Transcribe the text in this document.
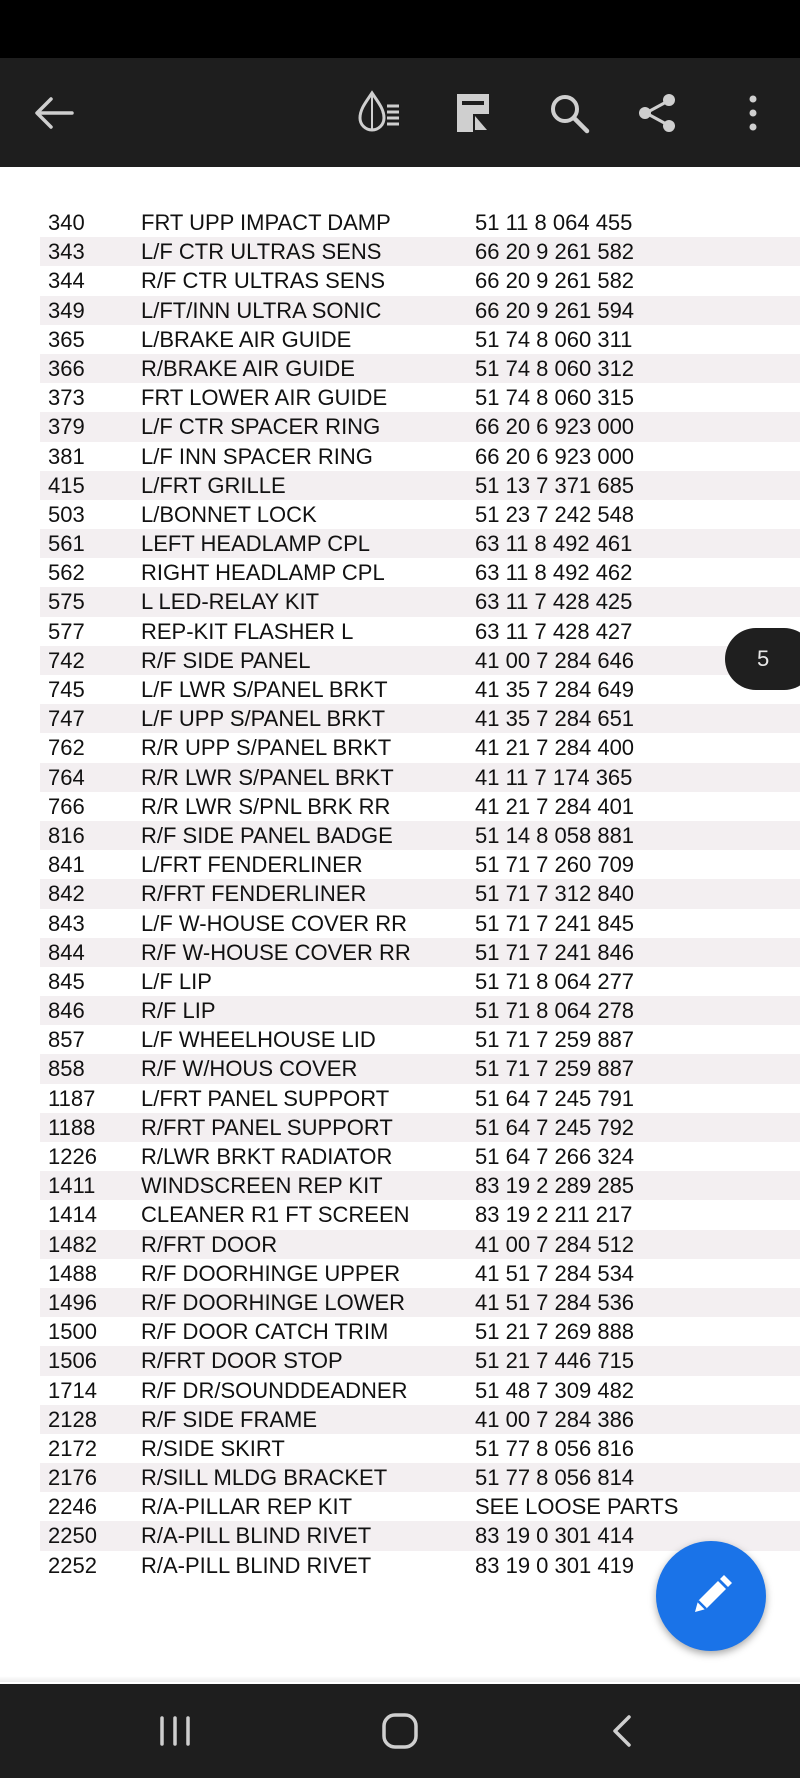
340	FRT UPP IMPACT DAMP	51 11 8 064 455
343	L/F CTR ULTRAS SENS	66 20 9 261 582
344	R/F CTR ULTRAS SENS	66 20 9 261 582
349	L/FT/INN ULTRA SONIC	66 20 9 261 594
365	L/BRAKE AIR GUIDE	51 74 8 060 311
366	R/BRAKE AIR GUIDE	51 74 8 060 312
373	FRT LOWER AIR GUIDE	51 74 8 060 315
379	L/F CTR SPACER RING	66 20 6 923 000
381	L/F INN SPACER RING	66 20 6 923 000
415	L/FRT GRILLE	51 13 7 371 685
503	L/BONNET LOCK	51 23 7 242 548
561	LEFT HEADLAMP CPL	63 11 8 492 461
562	RIGHT HEADLAMP CPL	63 11 8 492 462
575	L LED-RELAY KIT	63 11 7 428 425
577	REP-KIT FLASHER L	63 11 7 428 427
742	R/F SIDE PANEL	41 00 7 284 646
745	L/F LWR S/PANEL BRKT	41 35 7 284 649
747	L/F UPP S/PANEL BRKT	41 35 7 284 651
762	R/R UPP S/PANEL BRKT	41 21 7 284 400
764	R/R LWR S/PANEL BRKT	41 11 7 174 365
766	R/R LWR S/PNL BRK RR	41 21 7 284 401
816	R/F SIDE PANEL BADGE	51 14 8 058 881
841	L/FRT FENDERLINER	51 71 7 260 709
842	R/FRT FENDERLINER	51 71 7 312 840
843	L/F W-HOUSE COVER RR	51 71 7 241 845
844	R/F W-HOUSE COVER RR	51 71 7 241 846
845	L/F LIP	51 71 8 064 277
846	R/F LIP	51 71 8 064 278
857	L/F WHEELHOUSE LID	51 71 7 259 887
858	R/F W/HOUS COVER	51 71 7 259 887
1187 L/FRT PANEL SUPPORT	51 64 7 245 791
1188 R/FRT PANEL SUPPORT	51 64 7 245 792
1226 R/LWR BRKT RADIATOR	51 64 7 266 324
1411 WINDSCREEN REP KIT	83 19 2 289 285
1414 CLEANER R1 FT SCREEN	83 19 2 211 217
1482 R/FRT DOOR	41 00 7 284 512
1488 R/F DOORHINGE UPPER	41 51 7 284 534
1496 R/F DOORHINGE LOWER	41 51 7 284 536
1500 R/F DOOR CATCH TRIM	51 21 7 269 888
1506 R/FRT DOOR STOP	51 21 7 446 715
1714 R/F DR/SOUNDDEADNER	51 48 7 309 482
2128 R/F SIDE FRAME	41 00 7 284 386
2172 R/SIDE SKIRT	51 77 8 056 816
2176 R/SILL MLDG BRACKET	51 77 8 056 814
2246 R/A-PILLAR REP KIT	SEE LOOSE PARTS
2250 R/A-PILL BLIND RIVET	83 19 0 301 414
2252 R/A-PILL BLIND RIVET	83 19 0 301 419
5
